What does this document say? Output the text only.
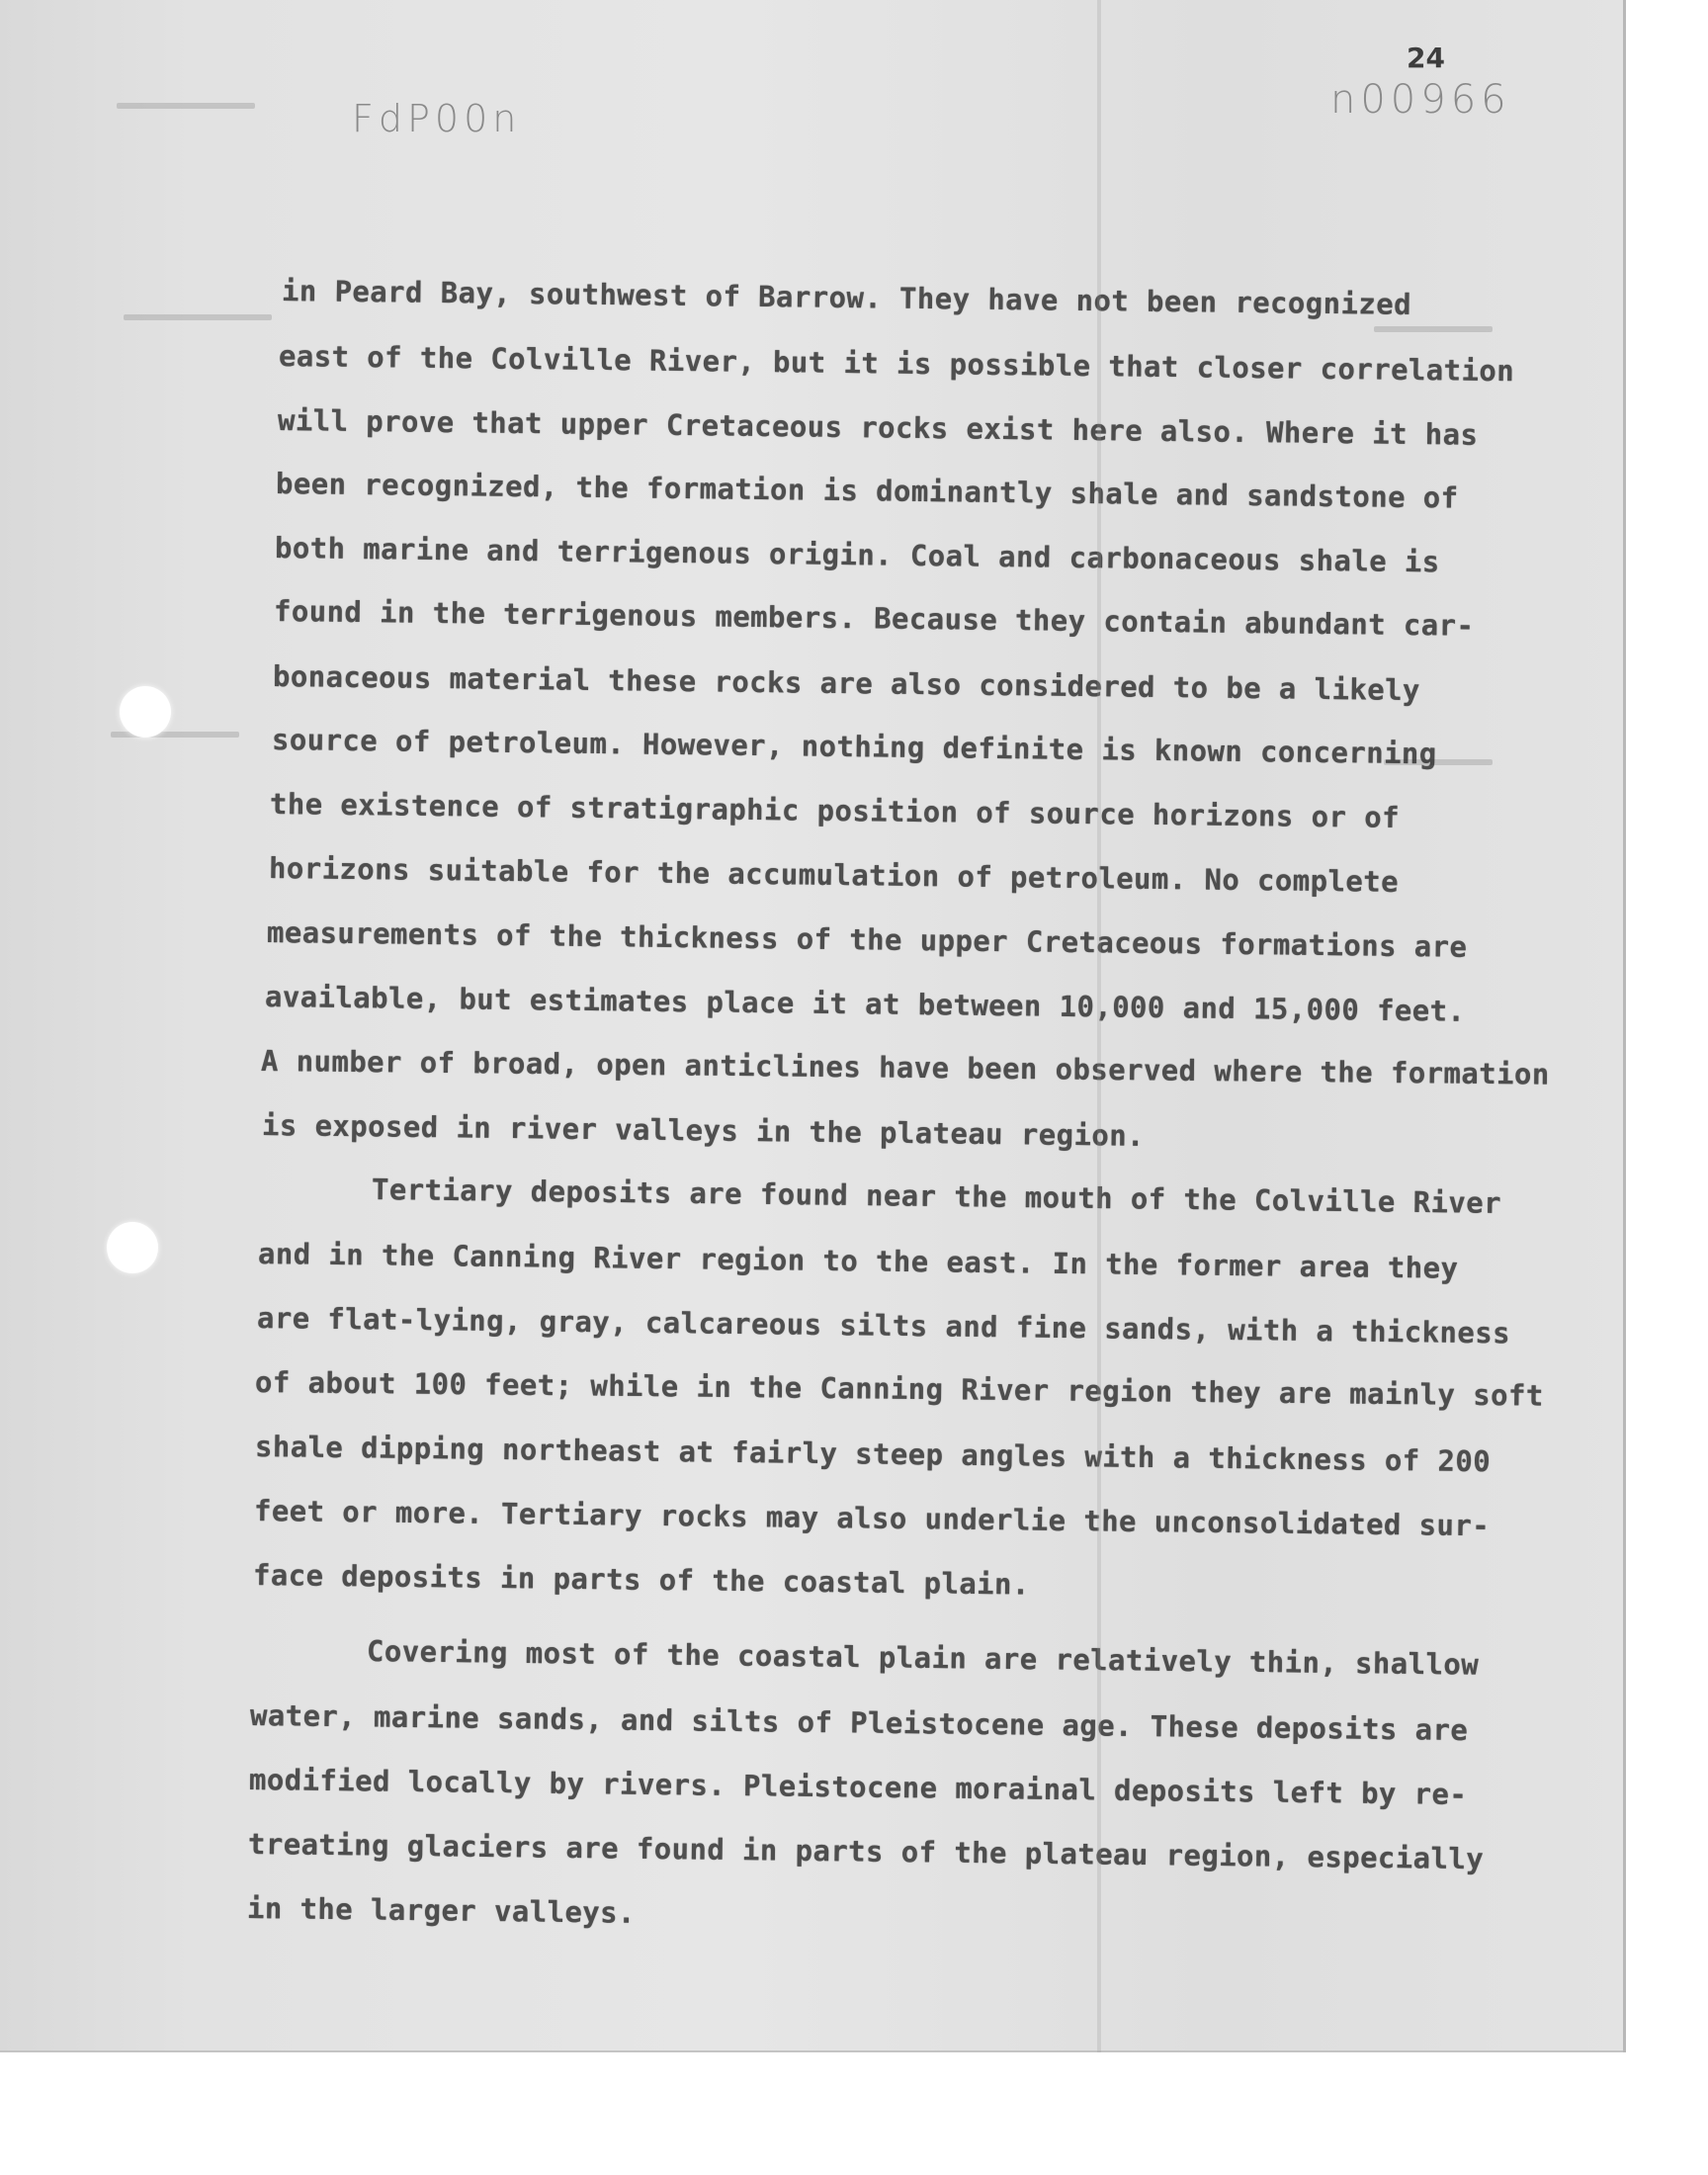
FdP00n	n00966
24
in Peard Bay, southwest of Barrow. They have not been recognized
east of the Colville River, but it is possible that closer correlation
will prove that upper Cretaceous rocks exist here also. Where it has
been recognized, the formation is dominantly shale and sandstone of
both marine and terrigenous origin. Coal and carbonaceous shale is
found in the terrigenous members. Because they contain abundant car-
bonaceous material these rocks are also considered to be a likely
source of petroleum. However, nothing definite is known concerning
the existence of stratigraphic position of source horizons or of
horizons suitable for the accumulation of petroleum. No complete
measurements of the thickness of the upper Cretaceous formations are
available, but estimates place it at between 10,000 and 15,000 feet.
A number of broad, open anticlines have been observed where the formation
is exposed in river valleys in the plateau region.
Tertiary deposits are found near the mouth of the Colville River
and in the Canning River region to the east. In the former area they
are flat-lying, gray, calcareous silts and fine sands, with a thickness
of about 100 feet; while in the Canning River region they are mainly soft
shale dipping northeast at fairly steep angles with a thickness of 200
feet or more. Tertiary rocks may also underlie the unconsolidated sur-
face deposits in parts of the coastal plain.
Covering most of the coastal plain are relatively thin, shallow
water, marine sands, and silts of Pleistocene age. These deposits are
modified locally by rivers. Pleistocene morainal deposits left by re-
treating glaciers are found in parts of the plateau region, especially
in the larger valleys.
